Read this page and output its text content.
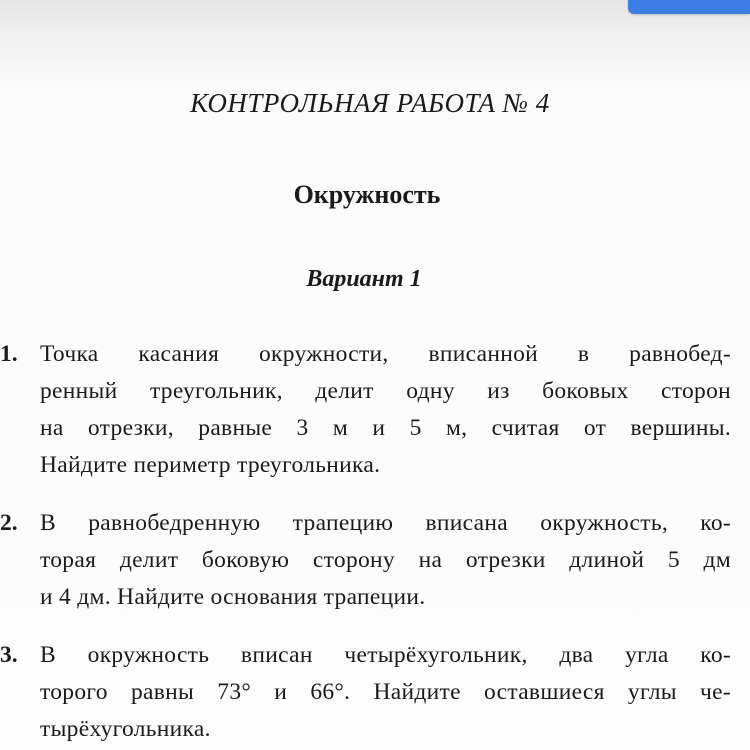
КОНТРОЛЬНАЯ РАБОТА № 4
Окружность
Вариант 1
1. Точка касания окружности, вписанной в равнобед-
ренный треугольник, делит одну из боковых сторон
на отрезки, равные 3 м и 5 м, считая от вершины.
Найдите периметр треугольника.
2. В равнобедренную трапецию вписана окружность, ко-
торая делит боковую сторону на отрезки длиной 5 дм
и 4 дм. Найдите основания трапеции.
3. В окружность вписан четырёхугольник, два угла ко-
торого равны 73° и 66°. Найдите оставшиеся углы че-
тырёхугольника.
